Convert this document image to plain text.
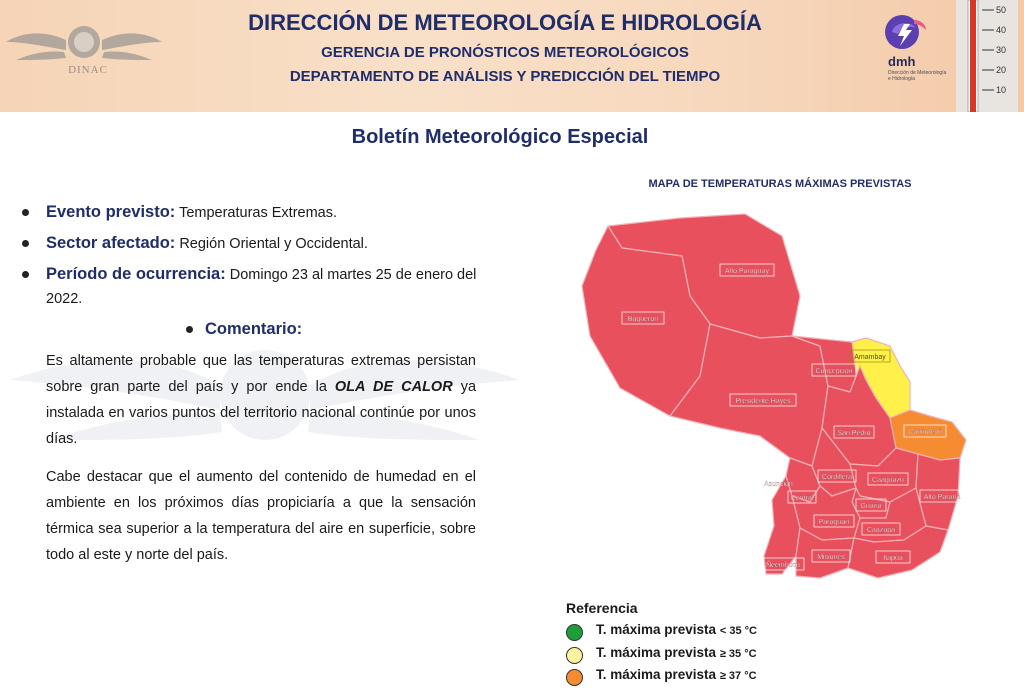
DINAC
DIRECCIÓN DE METEOROLOGÍA E HIDROLOGÍA
GERENCIA DE PRONÓSTICOS METEOROLÓGICOS
DEPARTAMENTO DE ANÁLISIS Y PREDICCIÓN DEL TIEMPO
dmh
Dirección de Meteorología e Hidrología
50
40
30
20
10
Boletín Meteorológico Especial
Evento previsto: Temperaturas Extremas.
Sector afectado: Región Oriental y Occidental.
Período de ocurrencia: Domingo 23 al martes 25 de enero del 2022.
Comentario:
Es altamente probable que las temperaturas extremas persistan sobre gran parte del país y por ende la OLA DE CALOR ya instalada en varios puntos del territorio nacional continúe por unos días.
Cabe destacar que el aumento del contenido de humedad en el ambiente en los próximos días propiciaría a que la sensación térmica sea superior a la temperatura del aire en superficie, sobre todo al este y norte del país.
MAPA DE TEMPERATURAS MÁXIMAS PREVISTAS
Alto Paraguay
Boquerón
Presidente Hayes
Concepción
Amambay
San Pedro	Canindeyú
Asunción
Central
Cordillera	Caaguazú
Alto Paraná
Guairá
Paraguarí
Caazapá
Misiones
Ñeembucú
Itapúa
Referencia
T. máxima prevista < 35 °C
T. máxima prevista ≥ 35 °C
T. máxima prevista ≥ 37 °C
